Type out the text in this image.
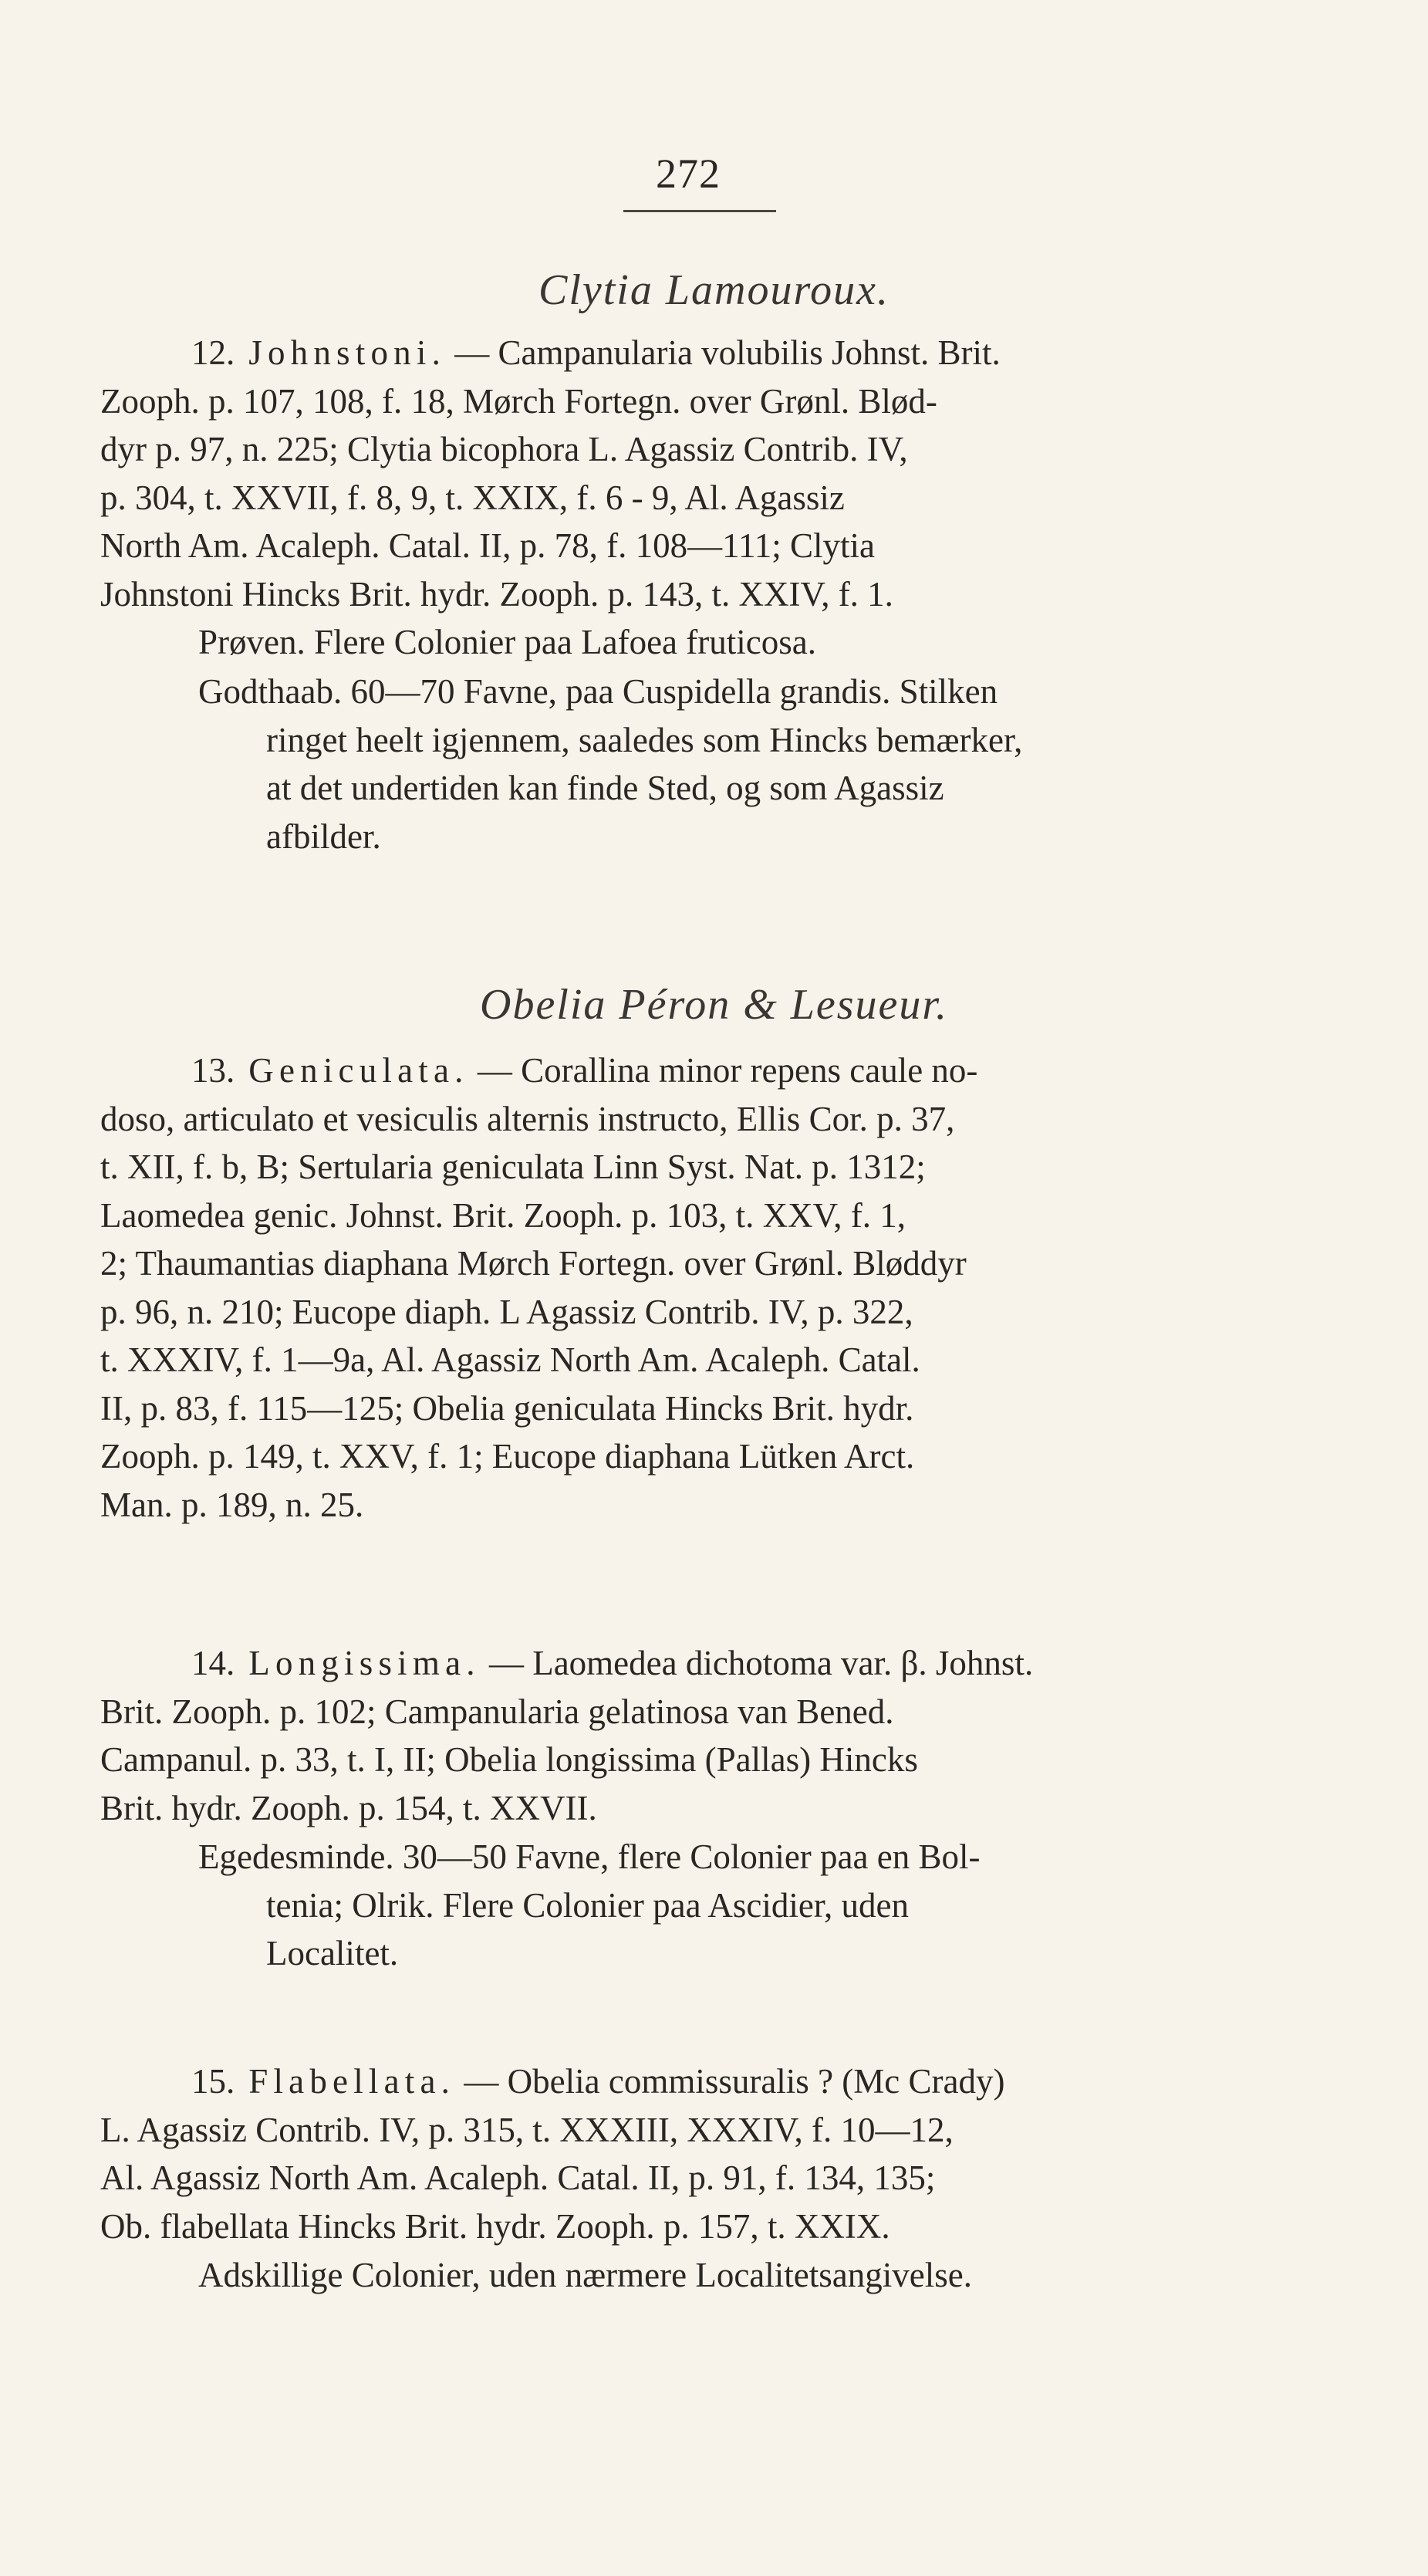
272
Clytia Lamouroux.
12. Johnstoni. — Campanularia volubilis Johnst. Brit.
Zooph. p. 107, 108, f. 18, Mørch Fortegn. over Grønl. Blød-
dyr p. 97, n. 225; Clytia bicophora L. Agassiz Contrib. IV,
p. 304, t. XXVII, f. 8, 9, t. XXIX, f. 6 - 9, Al. Agassiz
North Am. Acaleph. Catal. II, p. 78, f. 108—111; Clytia
Johnstoni Hincks Brit. hydr. Zooph. p. 143, t. XXIV, f. 1.
Prøven. Flere Colonier paa Lafoea fruticosa.
Godthaab. 60—70 Favne, paa Cuspidella grandis. Stilken
ringet heelt igjennem, saaledes som Hincks bemærker,
at det undertiden kan finde Sted, og som Agassiz
afbilder.
Obelia Péron & Lesueur.
13. Geniculata. — Corallina minor repens caule no-
doso, articulato et vesiculis alternis instructo, Ellis Cor. p. 37,
t. XII, f. b, B; Sertularia geniculata Linn Syst. Nat. p. 1312;
Laomedea genic. Johnst. Brit. Zooph. p. 103, t. XXV, f. 1,
2; Thaumantias diaphana Mørch Fortegn. over Grønl. Bløddyr
p. 96, n. 210; Eucope diaph. L Agassiz Contrib. IV, p. 322,
t. XXXIV, f. 1—9a, Al. Agassiz North Am. Acaleph. Catal.
II, p. 83, f. 115—125; Obelia geniculata Hincks Brit. hydr.
Zooph. p. 149, t. XXV, f. 1; Eucope diaphana Lütken Arct.
Man. p. 189, n. 25.
14. Longissima. — Laomedea dichotoma var. β. Johnst.
Brit. Zooph. p. 102; Campanularia gelatinosa van Bened.
Campanul. p. 33, t. I, II; Obelia longissima (Pallas) Hincks
Brit. hydr. Zooph. p. 154, t. XXVII.
Egedesminde. 30—50 Favne, flere Colonier paa en Bol-
tenia; Olrik. Flere Colonier paa Ascidier, uden
Localitet.
15. Flabellata. — Obelia commissuralis ? (Mc Crady)
L. Agassiz Contrib. IV, p. 315, t. XXXIII, XXXIV, f. 10—12,
Al. Agassiz North Am. Acaleph. Catal. II, p. 91, f. 134, 135;
Ob. flabellata Hincks Brit. hydr. Zooph. p. 157, t. XXIX.
Adskillige Colonier, uden nærmere Localitetsangivelse.
